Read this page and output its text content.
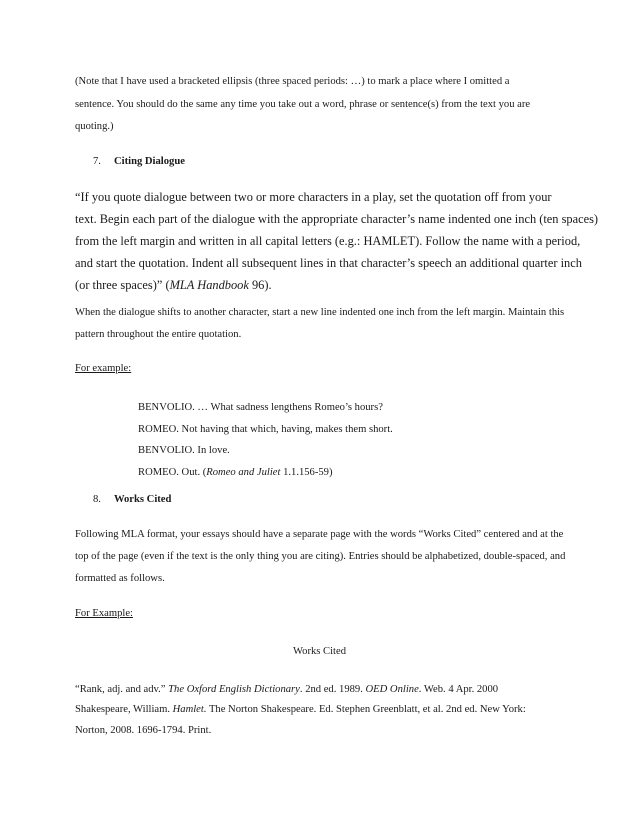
(Note that I have used a bracketed ellipsis (three spaced periods: …) to mark a place where I omitted a
sentence. You should do the same any time you take out a word, phrase or sentence(s) from the text you are
quoting.)
7. Citing Dialogue
“If you quote dialogue between two or more characters in a play, set the quotation off from your
text. Begin each part of the dialogue with the appropriate character’s name indented one inch (ten spaces)
from the left margin and written in all capital letters (e.g.: HAMLET). Follow the name with a period,
and start the quotation. Indent all subsequent lines in that character’s speech an additional quarter inch
(or three spaces)” (MLA Handbook 96).
When the dialogue shifts to another character, start a new line indented one inch from the left margin. Maintain this
pattern throughout the entire quotation.
For example:
BENVOLIO. … What sadness lengthens Romeo’s hours?
ROMEO. Not having that which, having, makes them short.
BENVOLIO. In love.
ROMEO. Out. (Romeo and Juliet 1.1.156-59)
8. Works Cited
Following MLA format, your essays should have a separate page with the words “Works Cited” centered and at the
top of the page (even if the text is the only thing you are citing). Entries should be alphabetized, double-spaced, and
formatted as follows.
For Example:
Works Cited
“Rank, adj. and adv.” The Oxford English Dictionary. 2nd ed. 1989. OED Online. Web. 4 Apr. 2000
Shakespeare, William. Hamlet. The Norton Shakespeare. Ed. Stephen Greenblatt, et al. 2nd ed. New York:
Norton, 2008. 1696-1794. Print.
